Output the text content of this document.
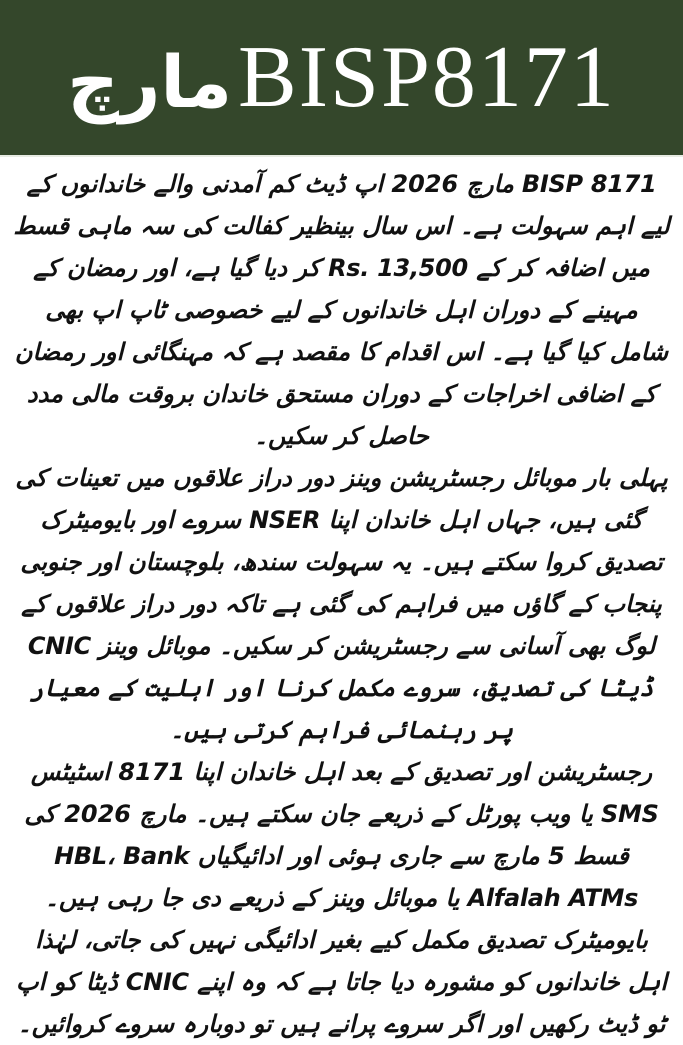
مارچ BISP8171

BISP 8171 مارچ 2026 اپ ڈیٹ کم آمدنی والے خاندانوں کے لیے اہم سہولت ہے۔ اس سال بینظیر کفالت کی سہ ماہی قسط میں اضافہ کر کے Rs. 13,500 کر دیا گیا ہے، اور رمضان کے مہینے کے دوران اہل خاندانوں کے لیے خصوصی ٹاپ اپ بھی شامل کیا گیا ہے۔ اس اقدام کا مقصد ہے کہ مہنگائی اور رمضان کے اضافی اخراجات کے دوران مستحق خاندان بروقت مالی مدد حاصل کر سکیں۔

پہلی بار موبائل رجسٹریشن وینز دور دراز علاقوں میں تعینات کی گئی ہیں، جہاں اہل خاندان اپنا NSER سروے اور بایومیٹرک تصدیق کروا سکتے ہیں۔ یہ سہولت سندھ، بلوچستان اور جنوبی پنجاب کے گاؤں میں فراہم کی گئی ہے تاکہ دور دراز علاقوں کے لوگ بھی آسانی سے رجسٹریشن کر سکیں۔ موبائل وینز CNIC ڈیٹا کی تصدیق، سروے مکمل کرنا اور اہلیت کے معیار پر رہنمائی فراہم کرتی ہیں۔

رجسٹریشن اور تصدیق کے بعد اہل خاندان اپنا 8171 اسٹیٹس SMS یا ویب پورٹل کے ذریعے جان سکتے ہیں۔ مارچ 2026 کی قسط 5 مارچ سے جاری ہوئی اور ادائیگیاں HBL، Bank Alfalah ATMs یا موبائل وینز کے ذریعے دی جا رہی ہیں۔ بایومیٹرک تصدیق مکمل کیے بغیر ادائیگی نہیں کی جاتی، لہٰذا اہل خاندانوں کو مشورہ دیا جاتا ہے کہ وہ اپنے CNIC ڈیٹا کو اپ ٹو ڈیٹ رکھیں اور اگر سروے پرانے ہیں تو دوبارہ سروے کروائیں۔
